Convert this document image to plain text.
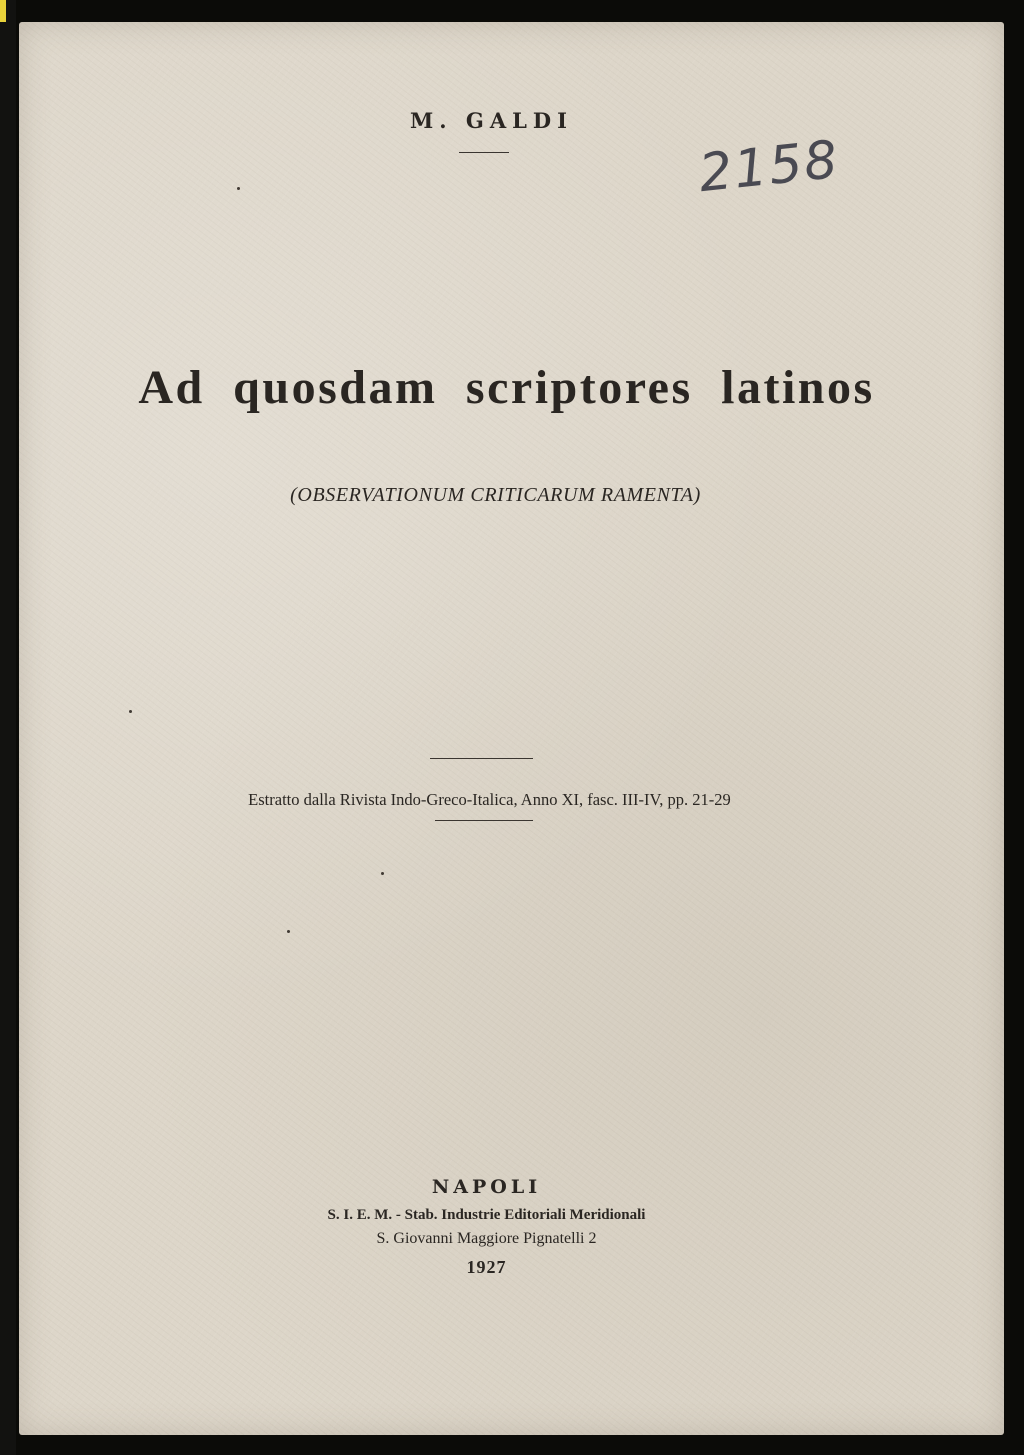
M. GALDI
2158
Ad quosdam scriptores latinos
(OBSERVATIONUM CRITICARUM RAMENTA)
Estratto dalla Rivista Indo-Greco-Italica, Anno XI, fasc. III-IV, pp. 21-29
NAPOLI
S. I. E. M. - Stab. Industrie Editoriali Meridionali
S. Giovanni Maggiore Pignatelli 2
1927
